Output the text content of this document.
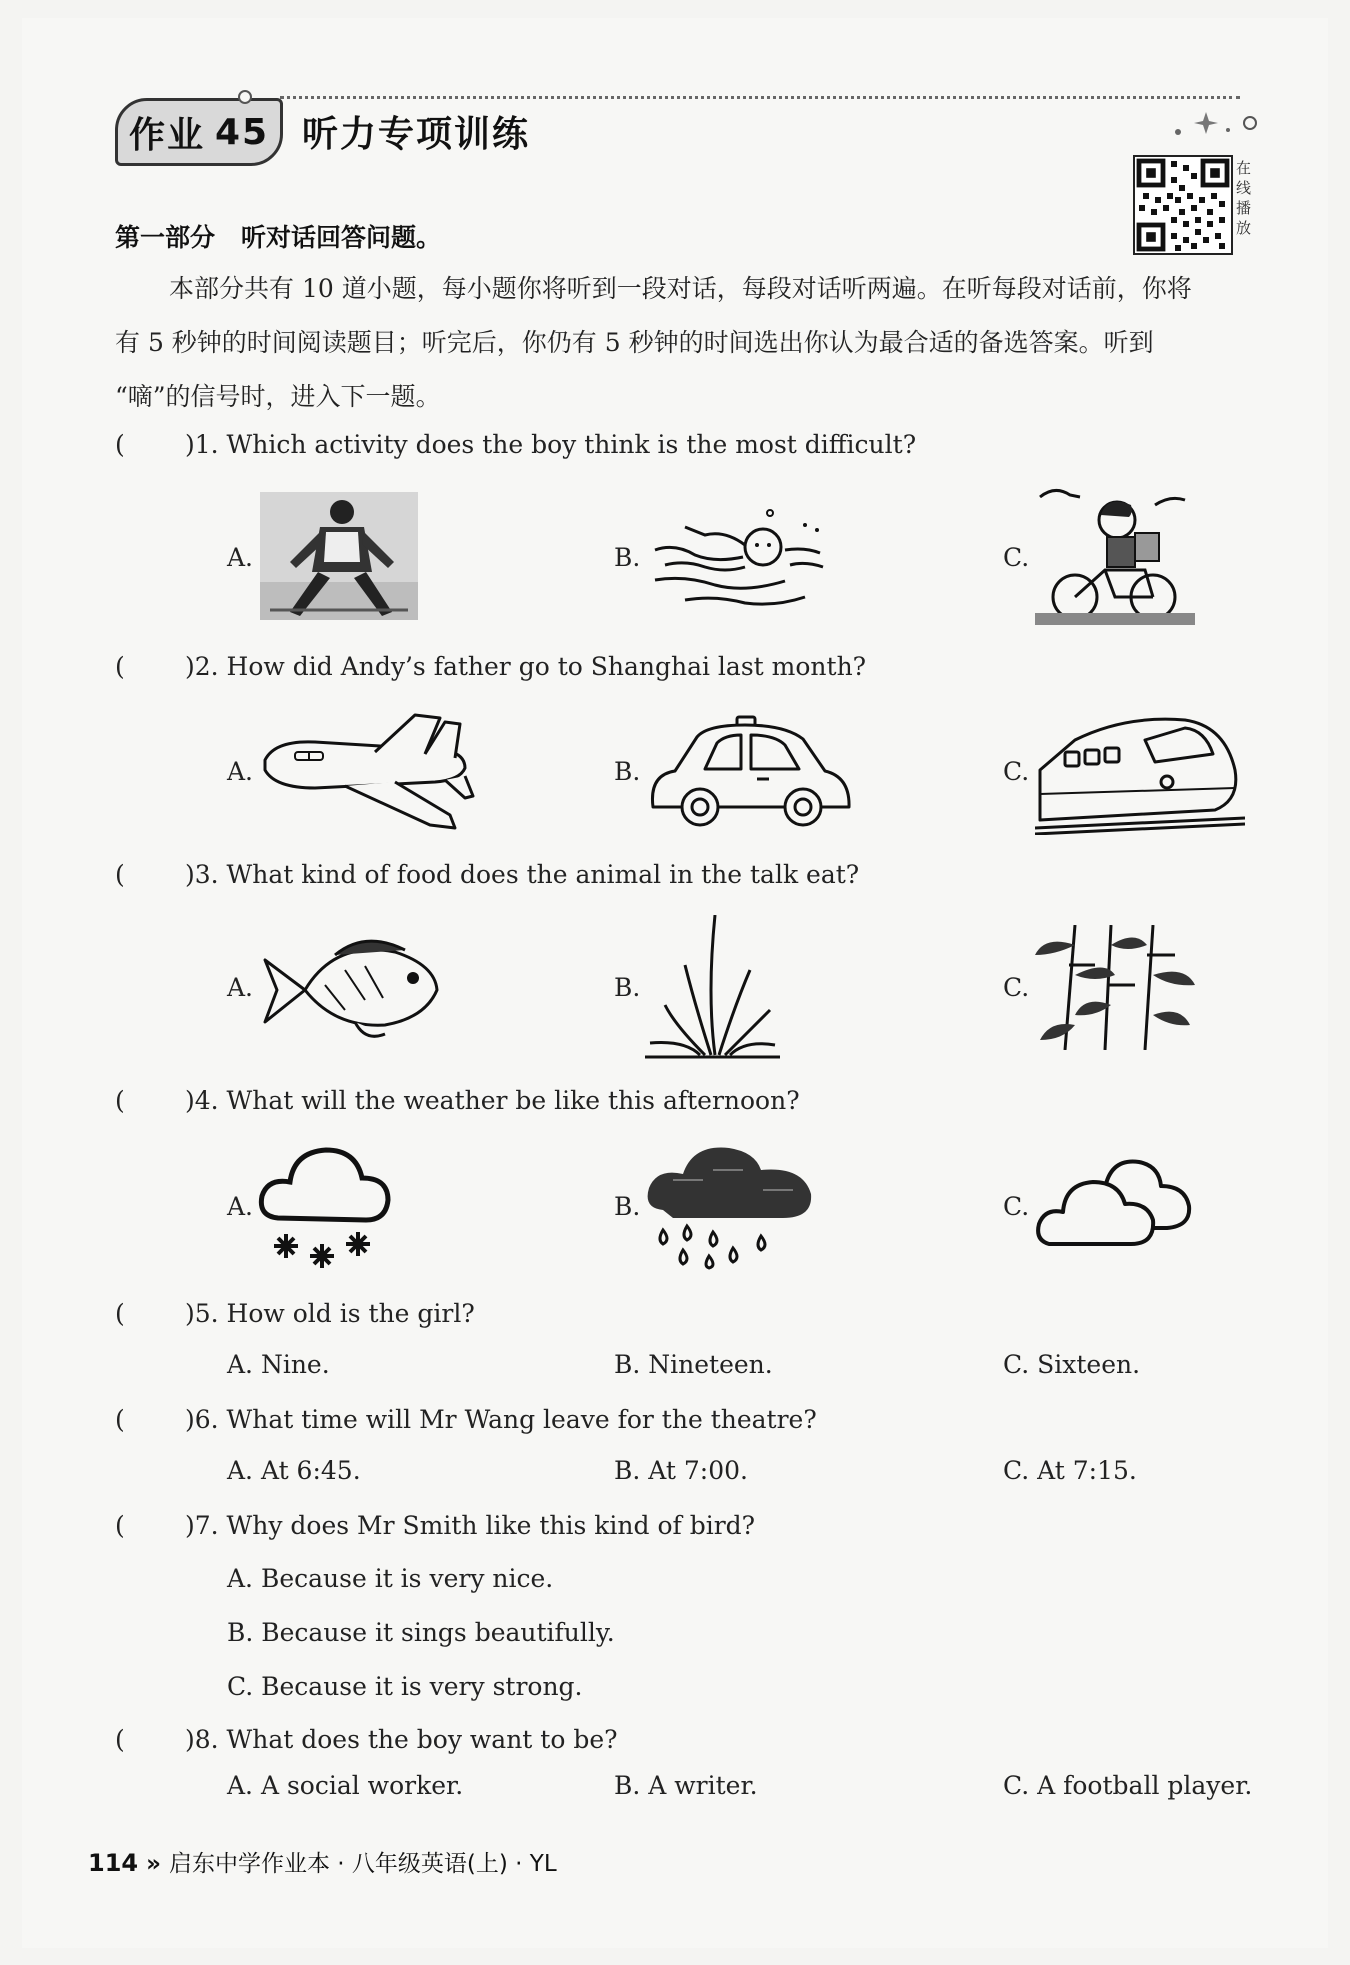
作业 45 听力专项训练
在线播放
第一部分 听对话回答问题。

本部分共有 10 道小题，每小题你将听到一段对话，每段对话听两遍。在听每段对话前，你将

有 5 秒钟的时间阅读题目；听完后，你仍有 5 秒钟的时间选出你认为最合适的备选答案。听到

“嘀”的信号时，进入下一题。

( )1. Which activity does the boy think is the most difficult?
A.	B.	C.
( )2. How did Andy’s father go to Shanghai last month?
A.	B.	C.
( )3. What kind of food does the animal in the talk eat?
A.	B.	C.
( )4. What will the weather be like this afternoon?
A.	B.	C.
( )5. How old is the girl?
A. Nine.	B. Nineteen.	C. Sixteen.
( )6. What time will Mr Wang leave for the theatre?
A. At 6:45.	B. At 7:00.	C. At 7:15.
( )7. Why does Mr Smith like this kind of bird?
A. Because it is very nice.
B. Because it sings beautifully.
C. Because it is very strong.
( )8. What does the boy want to be?
A. A social worker.	B. A writer.	C. A football player.
114 » 启东中学作业本 · 八年级英语(上) · YL
